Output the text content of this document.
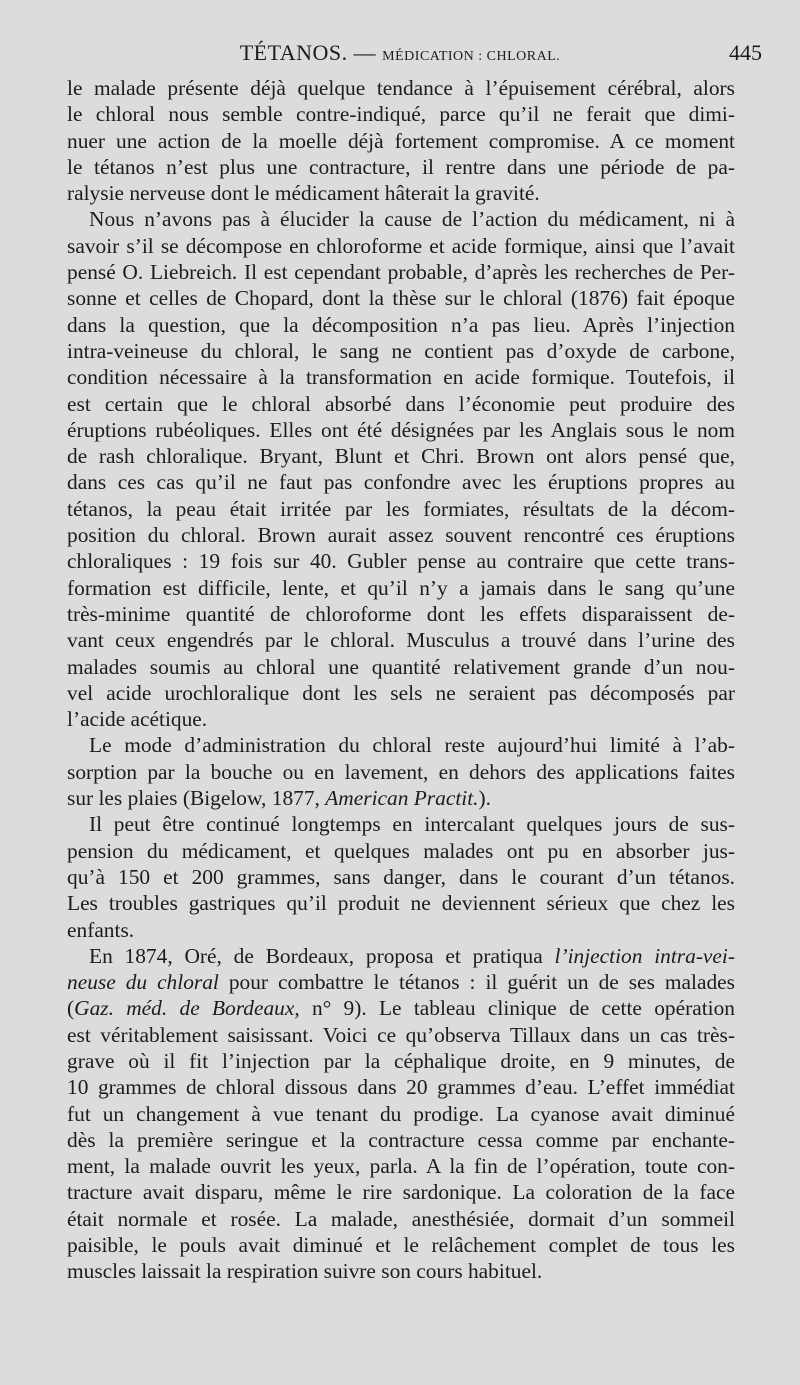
TÉTANOS. — MÉDICATION : CHLORAL.	445
le malade présente déjà quelque tendance à l’épuisement cérébral, alors
le chloral nous semble contre-indiqué, parce qu’il ne ferait que dimi-
nuer une action de la moelle déjà fortement compromise. A ce moment
le tétanos n’est plus une contracture, il rentre dans une période de pa-
ralysie nerveuse dont le médicament hâterait la gravité.
Nous n’avons pas à élucider la cause de l’action du médicament, ni à
savoir s’il se décompose en chloroforme et acide formique, ainsi que l’avait
pensé O. Liebreich. Il est cependant probable, d’après les recherches de Per-
sonne et celles de Chopard, dont la thèse sur le chloral (1876) fait époque
dans la question, que la décomposition n’a pas lieu. Après l’injection
intra-veineuse du chloral, le sang ne contient pas d’oxyde de carbone,
condition nécessaire à la transformation en acide formique. Toutefois, il
est certain que le chloral absorbé dans l’économie peut produire des
éruptions rubéoliques. Elles ont été désignées par les Anglais sous le nom
de rash chloralique. Bryant, Blunt et Chri. Brown ont alors pensé que,
dans ces cas qu’il ne faut pas confondre avec les éruptions propres au
tétanos, la peau était irritée par les formiates, résultats de la décom-
position du chloral. Brown aurait assez souvent rencontré ces éruptions
chloraliques : 19 fois sur 40. Gubler pense au contraire que cette trans-
formation est difficile, lente, et qu’il n’y a jamais dans le sang qu’une
très-minime quantité de chloroforme dont les effets disparaissent de-
vant ceux engendrés par le chloral. Musculus a trouvé dans l’urine des
malades soumis au chloral une quantité relativement grande d’un nou-
vel acide urochloralique dont les sels ne seraient pas décomposés par
l’acide acétique.
Le mode d’administration du chloral reste aujourd’hui limité à l’ab-
sorption par la bouche ou en lavement, en dehors des applications faites
sur les plaies (Bigelow, 1877, American Practit.).
Il peut être continué longtemps en intercalant quelques jours de sus-
pension du médicament, et quelques malades ont pu en absorber jus-
qu’à 150 et 200 grammes, sans danger, dans le courant d’un tétanos.
Les troubles gastriques qu’il produit ne deviennent sérieux que chez les
enfants.
En 1874, Oré, de Bordeaux, proposa et pratiqua l’injection intra-vei-
neuse du chloral pour combattre le tétanos : il guérit un de ses malades
(Gaz. méd. de Bordeaux, n° 9). Le tableau clinique de cette opération
est véritablement saisissant. Voici ce qu’observa Tillaux dans un cas très-
grave où il fit l’injection par la céphalique droite, en 9 minutes, de
10 grammes de chloral dissous dans 20 grammes d’eau. L’effet immédiat
fut un changement à vue tenant du prodige. La cyanose avait diminué
dès la première seringue et la contracture cessa comme par enchante-
ment, la malade ouvrit les yeux, parla. A la fin de l’opération, toute con-
tracture avait disparu, même le rire sardonique. La coloration de la face
était normale et rosée. La malade, anesthésiée, dormait d’un sommeil
paisible, le pouls avait diminué et le relâchement complet de tous les
muscles laissait la respiration suivre son cours habituel.
